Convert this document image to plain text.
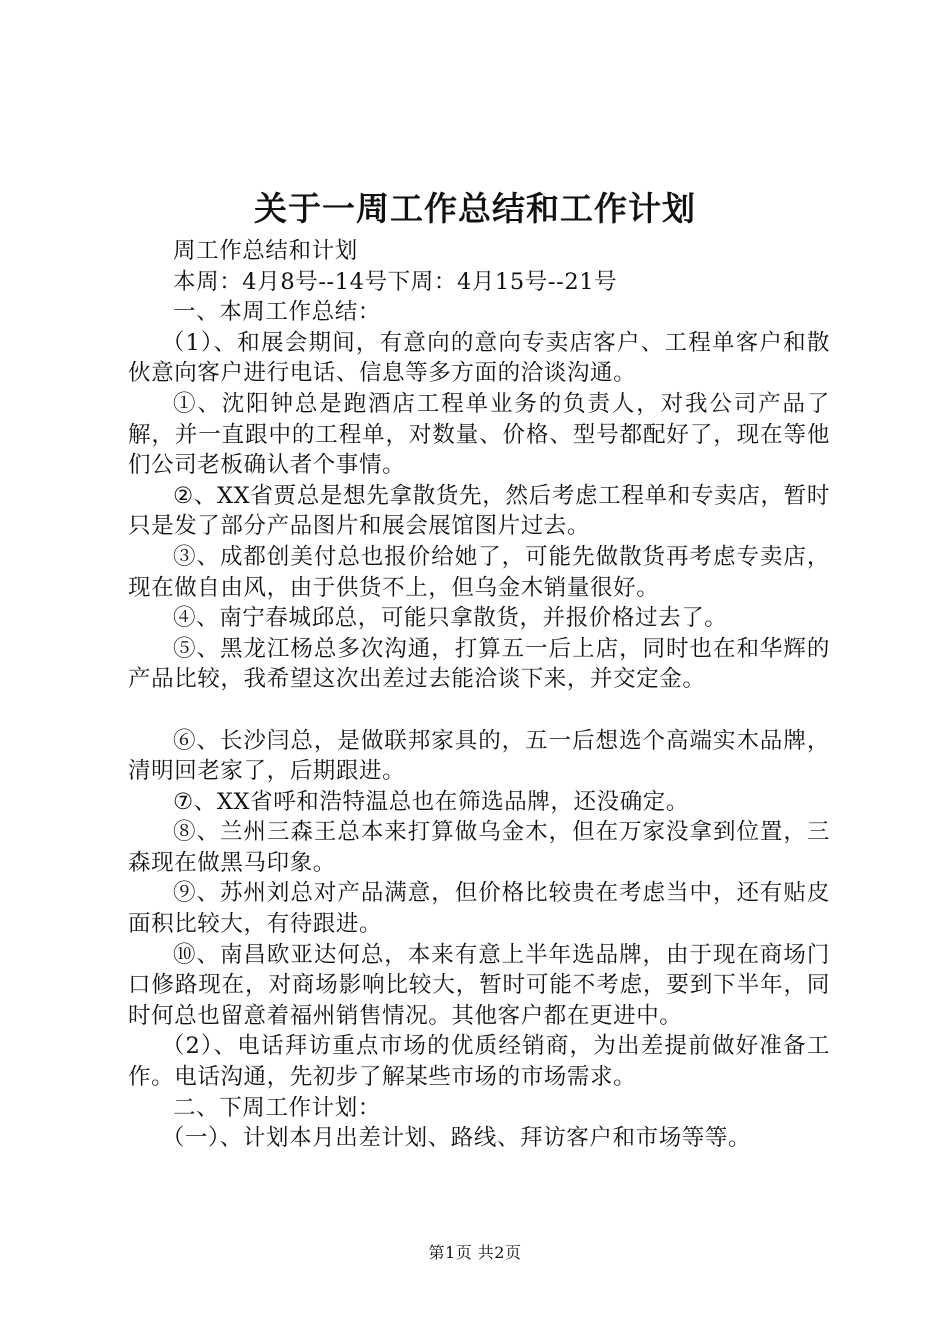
关于一周工作总结和工作计划

周工作总结和计划

本周：4月8号--14号下周：4月15号--21号

一、本周工作总结：

（1）、和展会期间，有意向的意向专卖店客户、工程单客户和散伙意向客户进行电话、信息等多方面的洽谈沟通。

①、沈阳钟总是跑酒店工程单业务的负责人，对我公司产品了解，并一直跟中的工程单，对数量、价格、型号都配好了，现在等他们公司老板确认者个事情。

②、XX省贾总是想先拿散货先，然后考虑工程单和专卖店，暂时只是发了部分产品图片和展会展馆图片过去。

③、成都创美付总也报价给她了，可能先做散货再考虑专卖店，现在做自由风，由于供货不上，但乌金木销量很好。

④、南宁春城邱总，可能只拿散货，并报价格过去了。

⑤、黑龙江杨总多次沟通，打算五一后上店，同时也在和华辉的产品比较，我希望这次出差过去能洽谈下来，并交定金。

⑥、长沙闫总，是做联邦家具的，五一后想选个高端实木品牌，清明回老家了，后期跟进。

⑦、XX省呼和浩特温总也在筛选品牌，还没确定。

⑧、兰州三森王总本来打算做乌金木，但在万家没拿到位置，三森现在做黑马印象。

⑨、苏州刘总对产品满意，但价格比较贵在考虑当中，还有贴皮面积比较大，有待跟进。

⑩、南昌欧亚达何总，本来有意上半年选品牌，由于现在商场门口修路现在，对商场影响比较大，暂时可能不考虑，要到下半年，同时何总也留意着福州销售情况。其他客户都在更进中。

（2）、电话拜访重点市场的优质经销商，为出差提前做好准备工作。电话沟通，先初步了解某些市场的市场需求。

二、下周工作计划：

（一）、计划本月出差计划、路线、拜访客户和市场等等。

第1页 共2页
